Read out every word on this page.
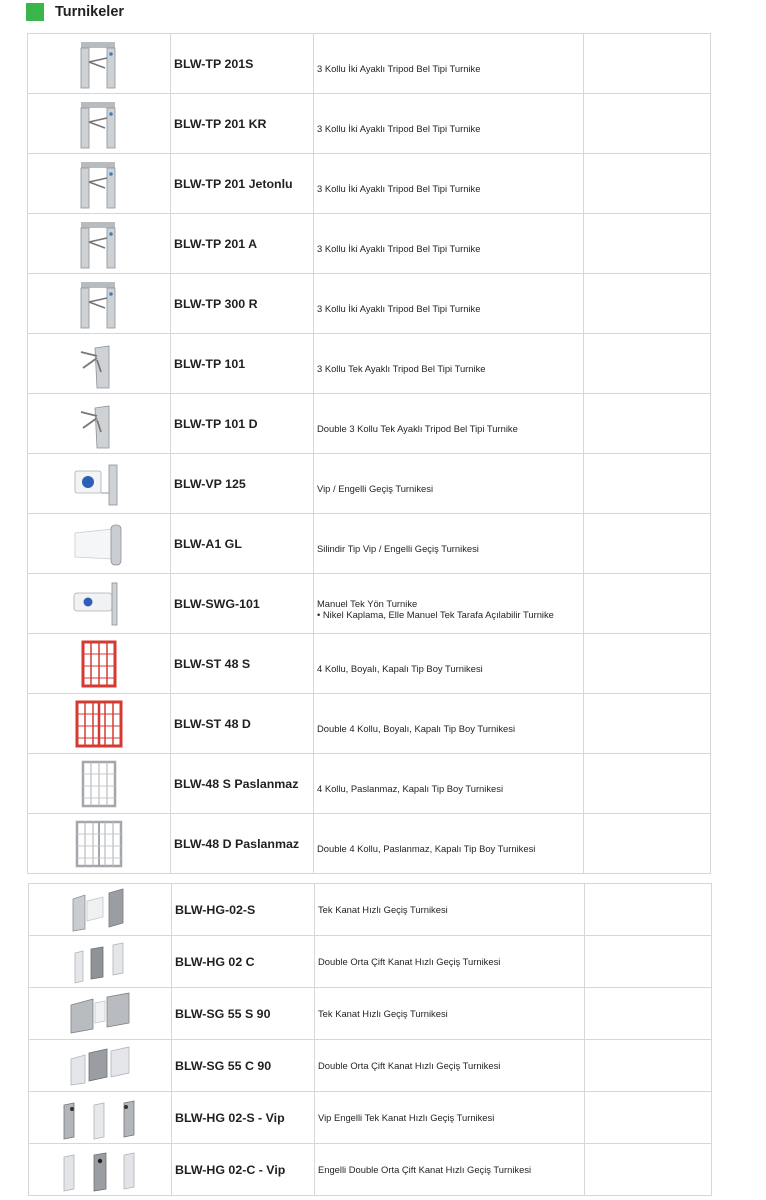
Turnikeler
	BLW-TP 201S	3 Kollu İki Ayaklı Tripod Bel Tipi Turnike	

	BLW-TP 201 KR	3 Kollu İki Ayaklı Tripod Bel Tipi Turnike	

	BLW-TP 201 Jetonlu	3 Kollu İki Ayaklı Tripod Bel Tipi Turnike	

	BLW-TP 201 A	3 Kollu İki Ayaklı Tripod Bel Tipi Turnike	

	BLW-TP 300 R	3 Kollu İki Ayaklı Tripod Bel Tipi Turnike	

	BLW-TP 101	3 Kollu Tek Ayaklı Tripod Bel Tipi Turnike	

	BLW-TP 101 D	Double 3 Kollu Tek Ayaklı Tripod Bel Tipi Turnike	

	BLW-VP 125	Vip / Engelli Geçiş Turnikesi	

	BLW-A1 GL	Silindir Tip Vip / Engelli Geçiş Turnikesi	

	BLW-SWG-101	Manuel Tek Yön Turnike
• Nikel Kaplama, Elle Manuel Tek Tarafa Açılabilir Turnike	

	BLW-ST 48 S	4 Kollu, Boyalı, Kapalı Tip Boy Turnikesi	

	BLW-ST 48 D	Double 4 Kollu, Boyalı, Kapalı Tip Boy Turnikesi	

	BLW-48 S Paslanmaz	4 Kollu, Paslanmaz, Kapalı Tip Boy Turnikesi	

	BLW-48 D Paslanmaz	Double 4 Kollu, Paslanmaz, Kapalı Tip Boy Turnikesi	

	BLW-HG-02-S	Tek Kanat Hızlı Geçiş Turnikesi	

	BLW-HG 02 C	Double Orta Çift Kanat Hızlı Geçiş Turnikesi	

	BLW-SG 55 S 90	Tek Kanat Hızlı Geçiş Turnikesi	

	BLW-SG 55 C 90	Double Orta Çift Kanat Hızlı Geçiş Turnikesi	

	BLW-HG 02-S - Vip	Vip Engelli Tek Kanat Hızlı Geçiş Turnikesi	

	BLW-HG 02-C - Vip	Engelli Double Orta Çift Kanat Hızlı Geçiş Turnikesi	
